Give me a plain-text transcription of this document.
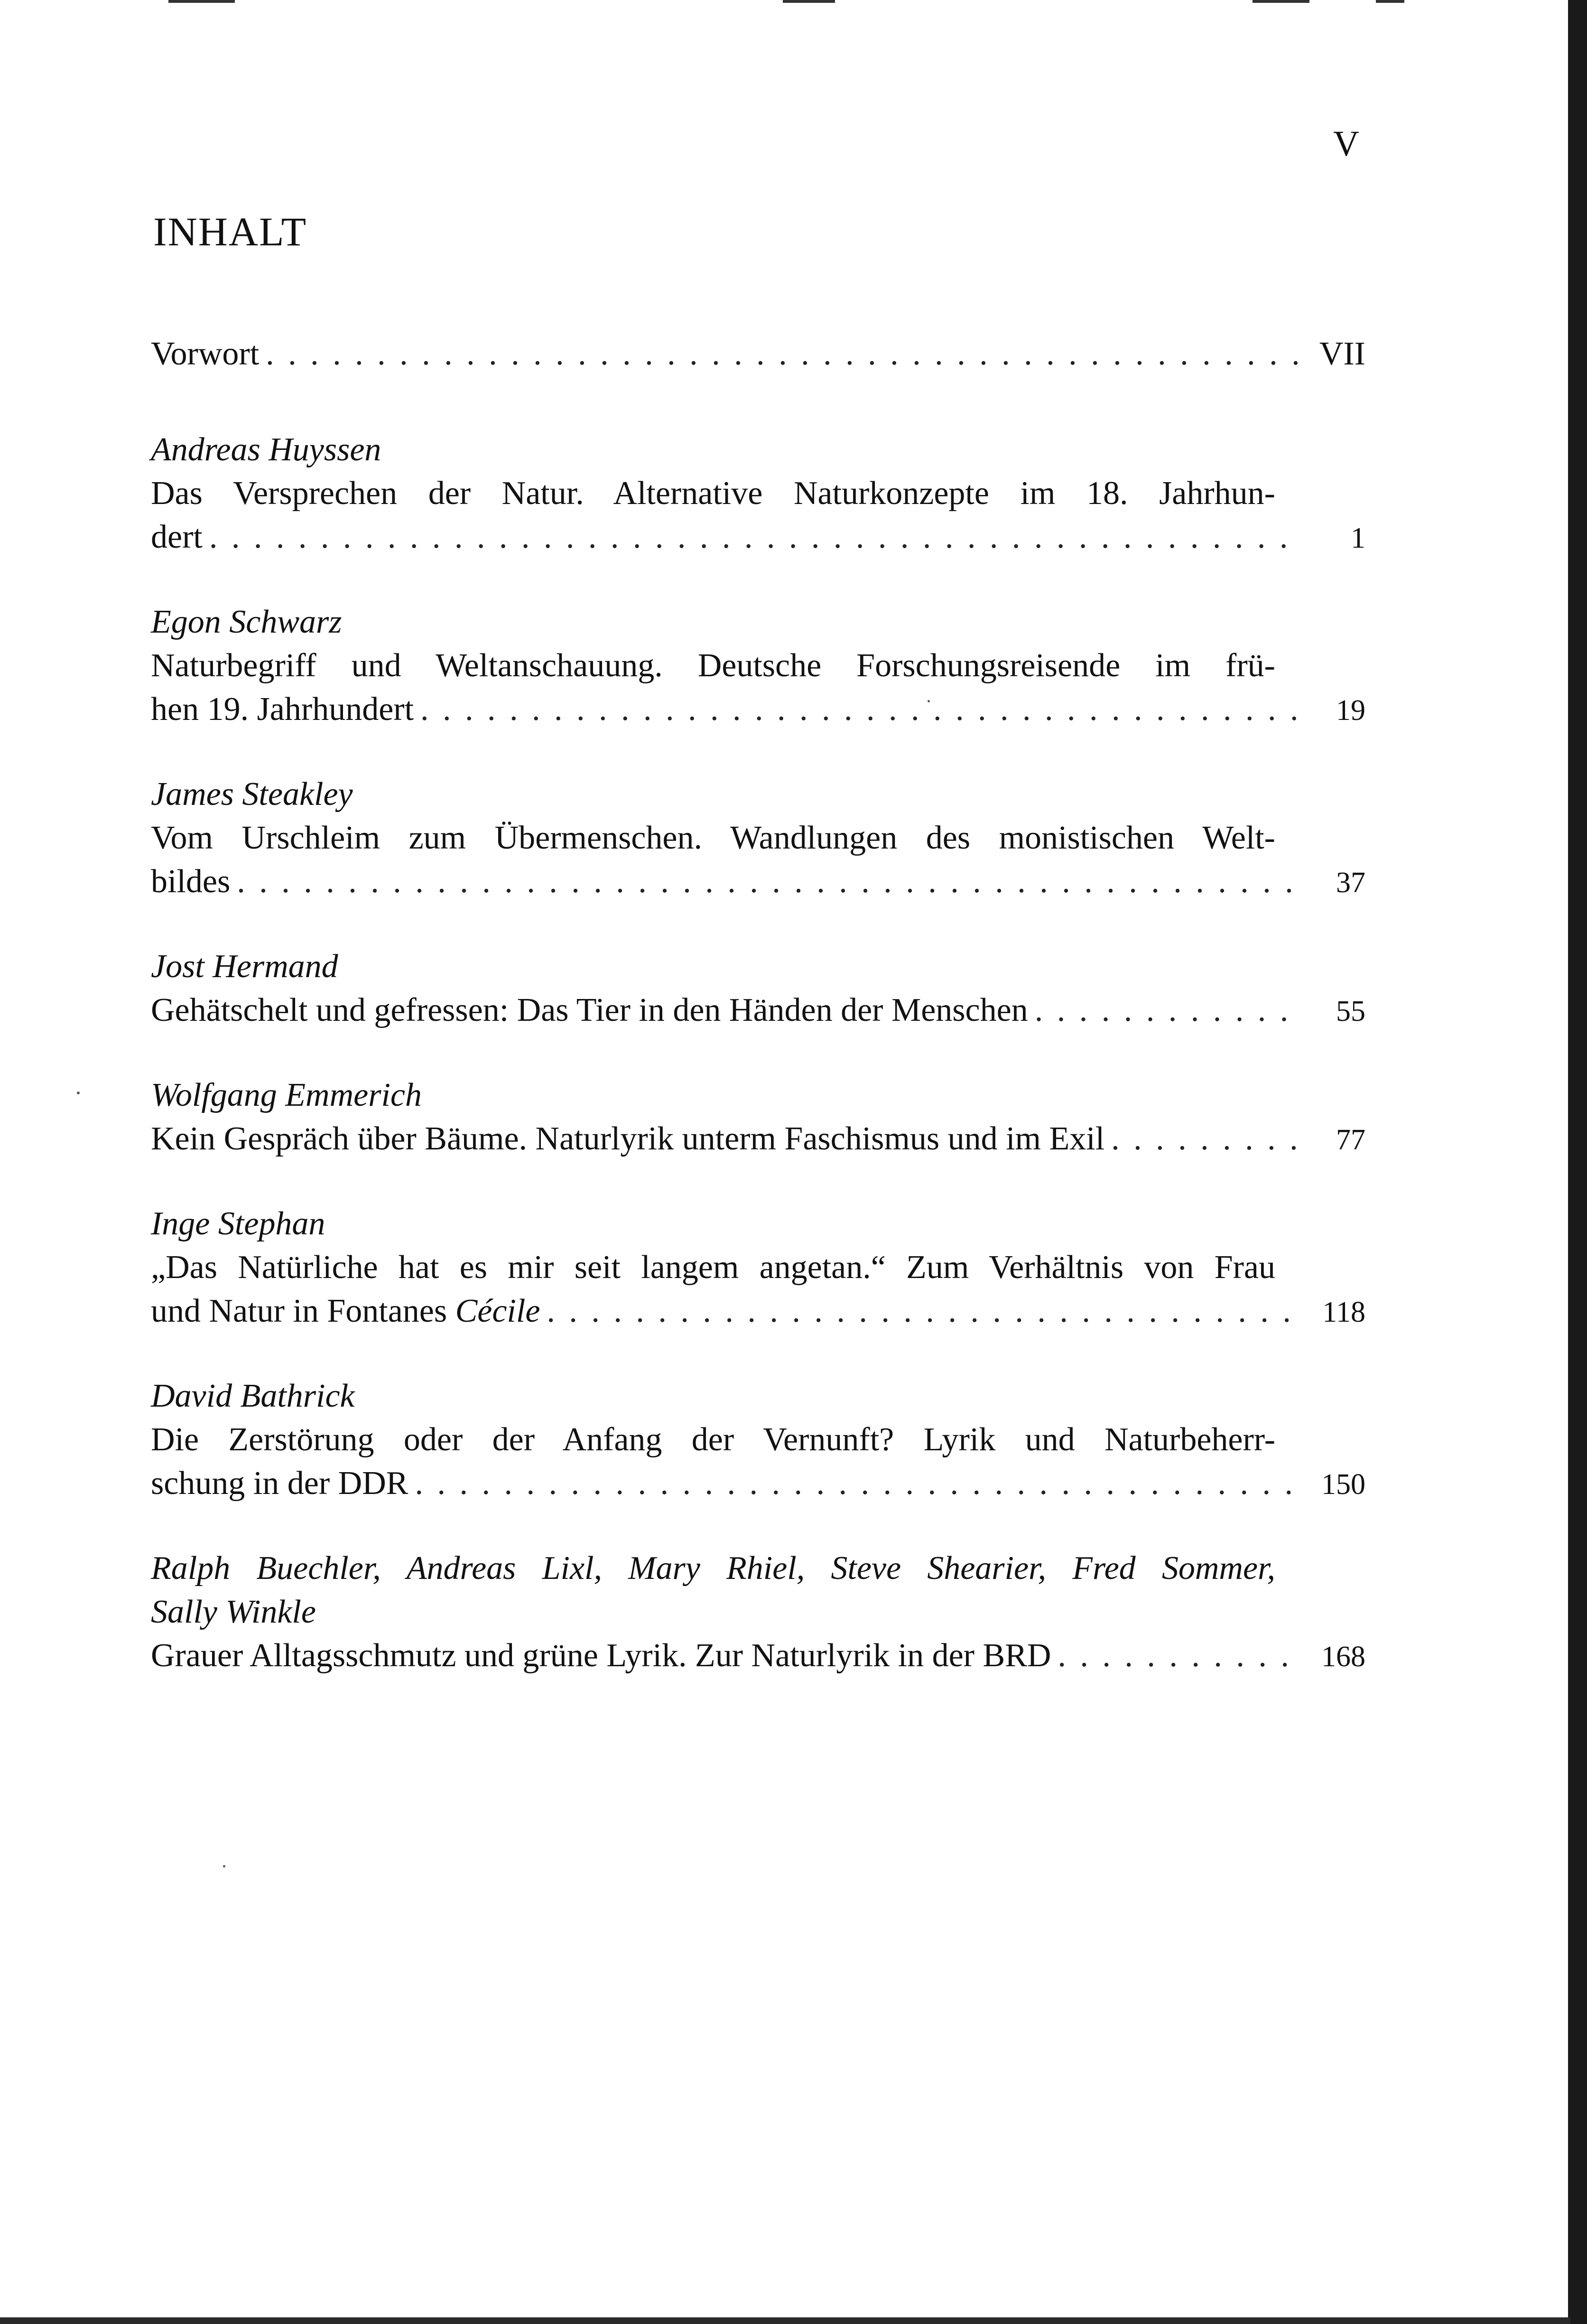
V
INHALT
Vorwort . . .	VII
Andreas Huyssen
Das Versprechen der Natur. Alternative Naturkonzepte im 18. Jahrhun-
dert . . .	1
Egon Schwarz
Naturbegriff und Weltanschauung. Deutsche Forschungsreisende im frü-
hen 19. Jahrhundert . . .	19
James Steakley
Vom Urschleim zum Übermenschen. Wandlungen des monistischen Welt-
bildes . . .	37
Jost Hermand
Gehätschelt und gefressen: Das Tier in den Händen der Menschen . . .	55
Wolfgang Emmerich
Kein Gespräch über Bäume. Naturlyrik unterm Faschismus und im Exil . . .	77
Inge Stephan
„Das Natürliche hat es mir seit langem angetan.“ Zum Verhältnis von Frau
und Natur in Fontanes Cécile . . .	118
David Bathrick
Die Zerstörung oder der Anfang der Vernunft? Lyrik und Naturbeherr-
schung in der DDR . . .	150
Ralph Buechler, Andreas Lixl, Mary Rhiel, Steve Shearier, Fred Sommer,
Sally Winkle
Grauer Alltagsschmutz und grüne Lyrik. Zur Naturlyrik in der BRD . . .	168
